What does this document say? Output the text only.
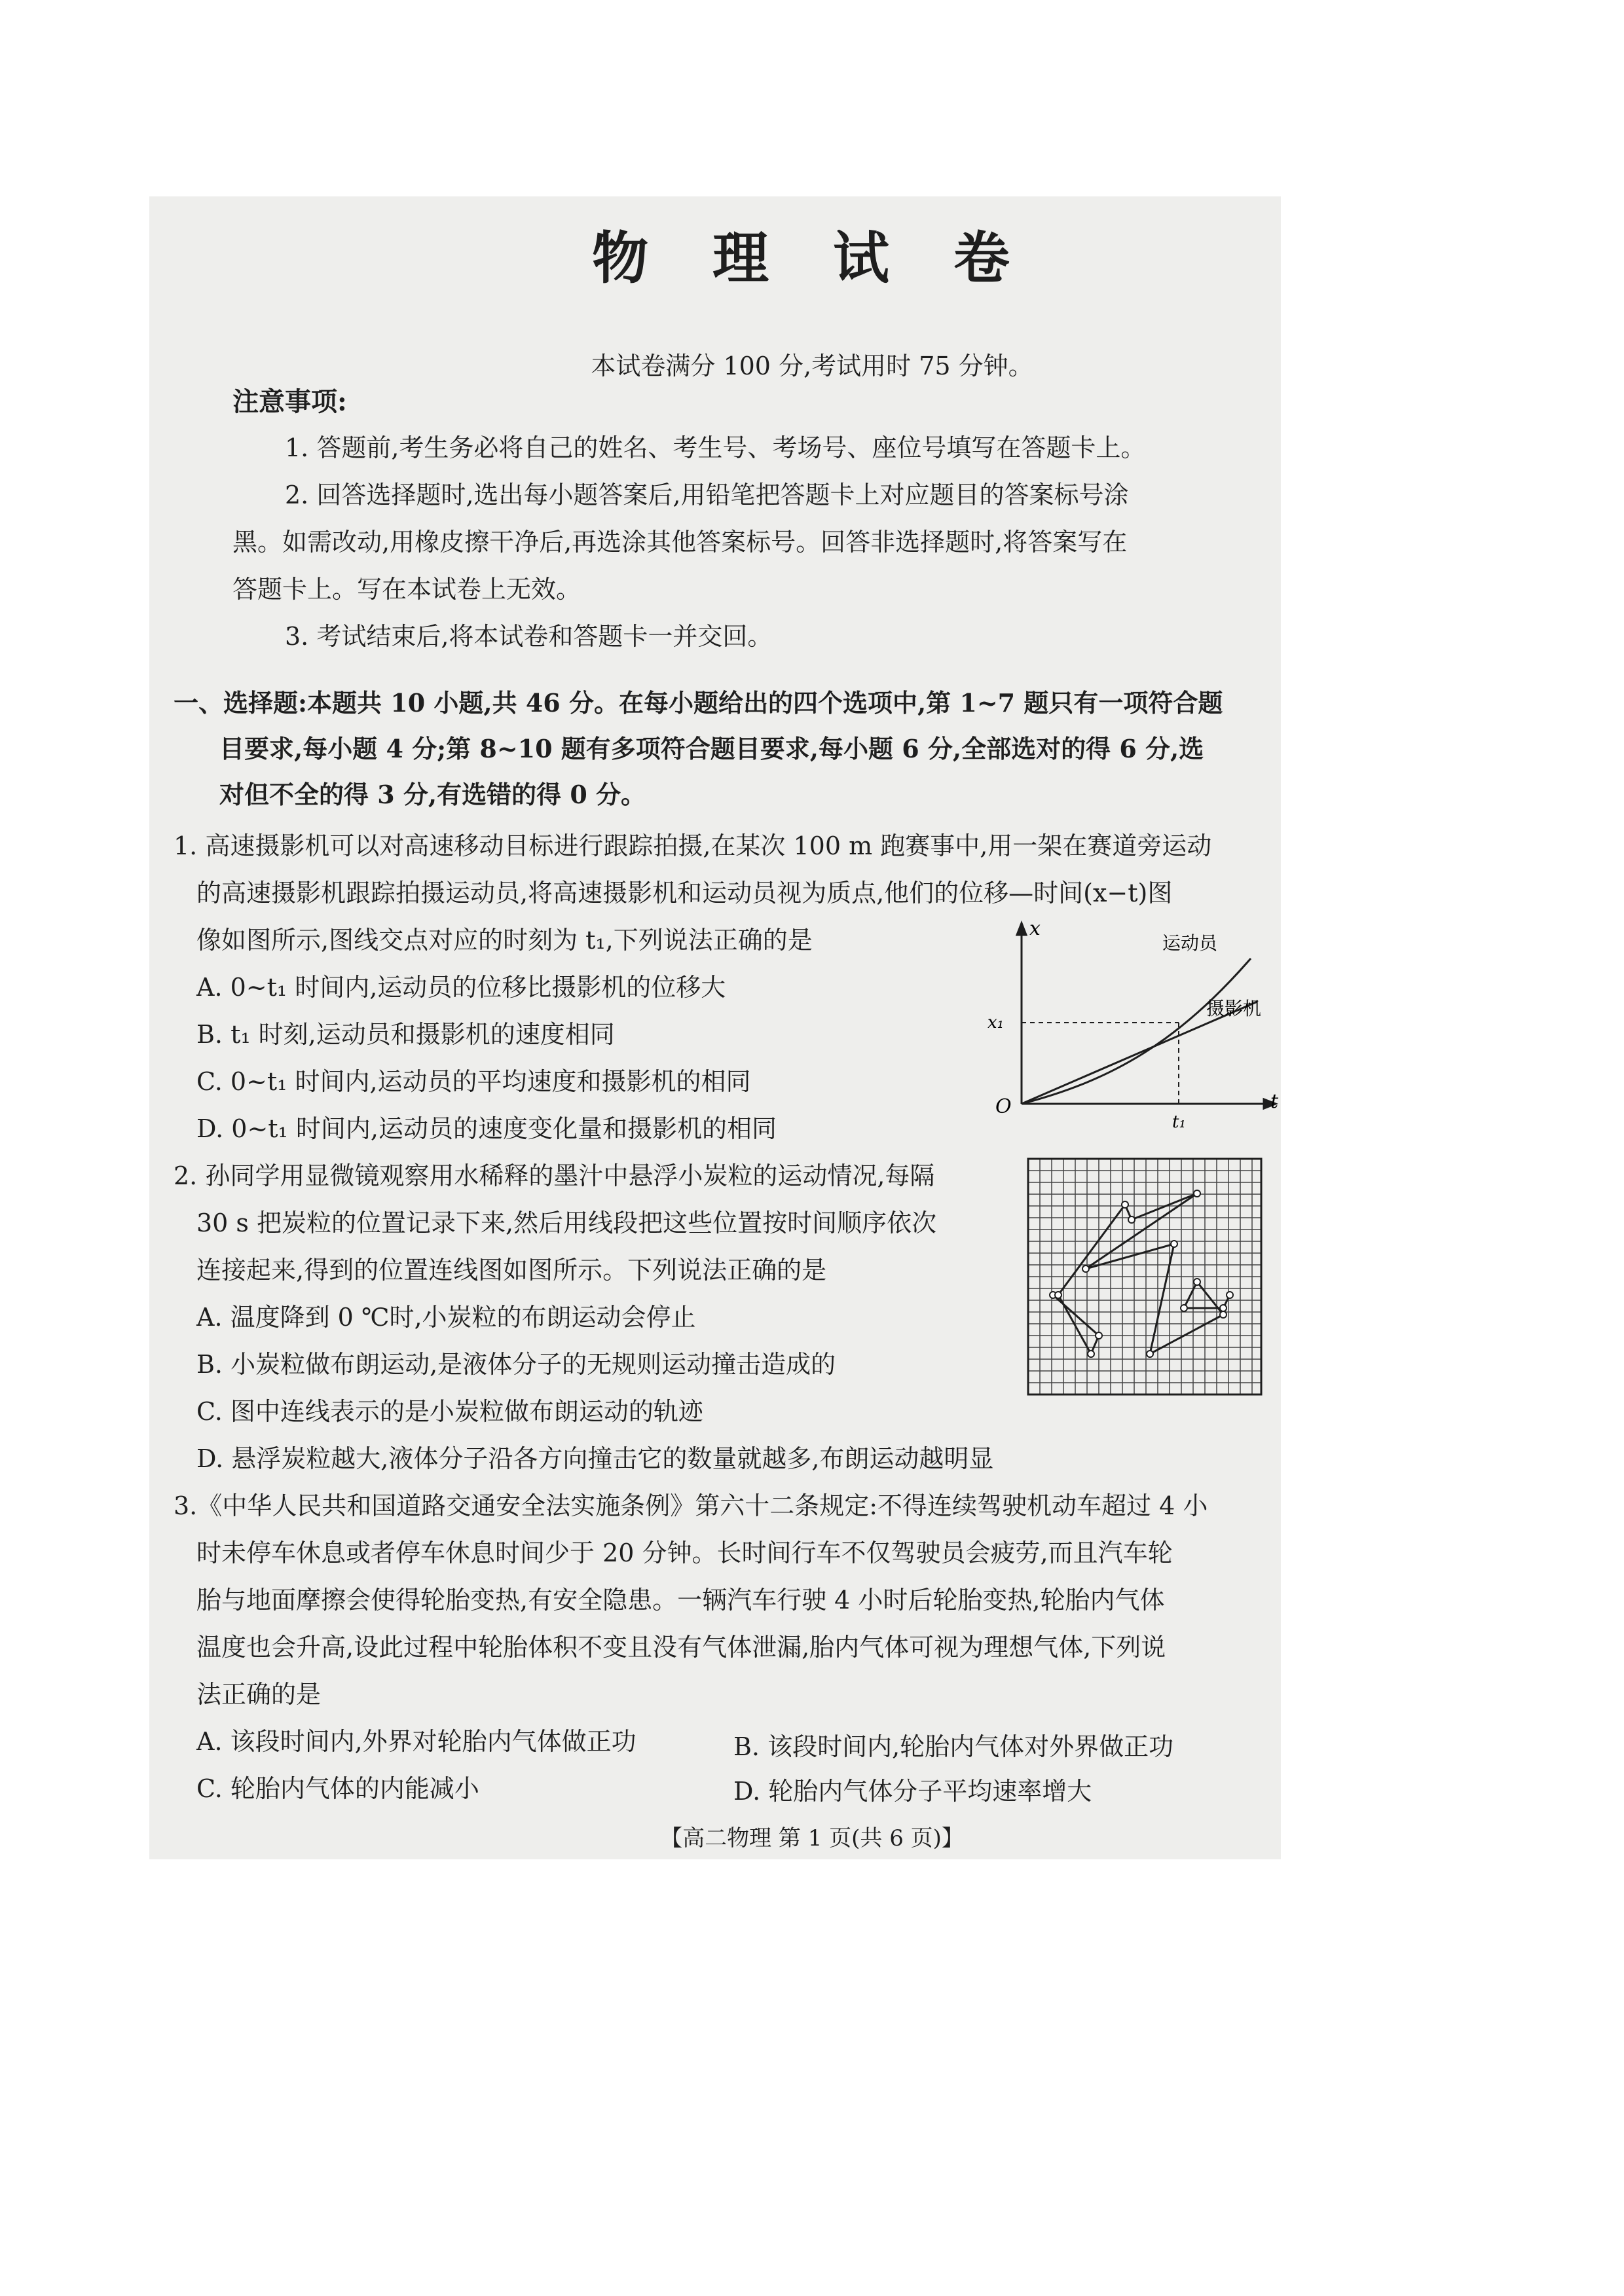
物 理 试 卷
本试卷满分 100 分,考试用时 75 分钟。
注意事项:
1. 答题前,考生务必将自己的姓名、考生号、考场号、座位号填写在答题卡上。
2. 回答选择题时,选出每小题答案后,用铅笔把答题卡上对应题目的答案标号涂
黑。如需改动,用橡皮擦干净后,再选涂其他答案标号。回答非选择题时,将答案写在
答题卡上。写在本试卷上无效。
3. 考试结束后,将本试卷和答题卡一并交回。
一、选择题:本题共 10 小题,共 46 分。在每小题给出的四个选项中,第 1~7 题只有一项符合题
目要求,每小题 4 分;第 8~10 题有多项符合题目要求,每小题 6 分,全部选对的得 6 分,选
对但不全的得 3 分,有选错的得 0 分。
1. 高速摄影机可以对高速移动目标进行跟踪拍摄,在某次 100 m 跑赛事中,用一架在赛道旁运动
的高速摄影机跟踪拍摄运动员,将高速摄影机和运动员视为质点,他们的位移—时间(x−t)图
像如图所示,图线交点对应的时刻为 t₁,下列说法正确的是
A. 0~t₁ 时间内,运动员的位移比摄影机的位移大
B. t₁ 时刻,运动员和摄影机的速度相同
C. 0~t₁ 时间内,运动员的平均速度和摄影机的相同
D. 0~t₁ 时间内,运动员的速度变化量和摄影机的相同
x
t
O
x₁
t₁
运动员
摄影机
2. 孙同学用显微镜观察用水稀释的墨汁中悬浮小炭粒的运动情况,每隔
30 s 把炭粒的位置记录下来,然后用线段把这些位置按时间顺序依次
连接起来,得到的位置连线图如图所示。下列说法正确的是
A. 温度降到 0 ℃时,小炭粒的布朗运动会停止
B. 小炭粒做布朗运动,是液体分子的无规则运动撞击造成的
C. 图中连线表示的是小炭粒做布朗运动的轨迹
D. 悬浮炭粒越大,液体分子沿各方向撞击它的数量就越多,布朗运动越明显
3.《中华人民共和国道路交通安全法实施条例》第六十二条规定:不得连续驾驶机动车超过 4 小
时未停车休息或者停车休息时间少于 20 分钟。长时间行车不仅驾驶员会疲劳,而且汽车轮
胎与地面摩擦会使得轮胎变热,有安全隐患。一辆汽车行驶 4 小时后轮胎变热,轮胎内气体
温度也会升高,设此过程中轮胎体积不变且没有气体泄漏,胎内气体可视为理想气体,下列说
法正确的是
A. 该段时间内,外界对轮胎内气体做正功	B. 该段时间内,轮胎内气体对外界做正功
C. 轮胎内气体的内能减小	D. 轮胎内气体分子平均速率增大
【高二物理 第 1 页(共 6 页)】
